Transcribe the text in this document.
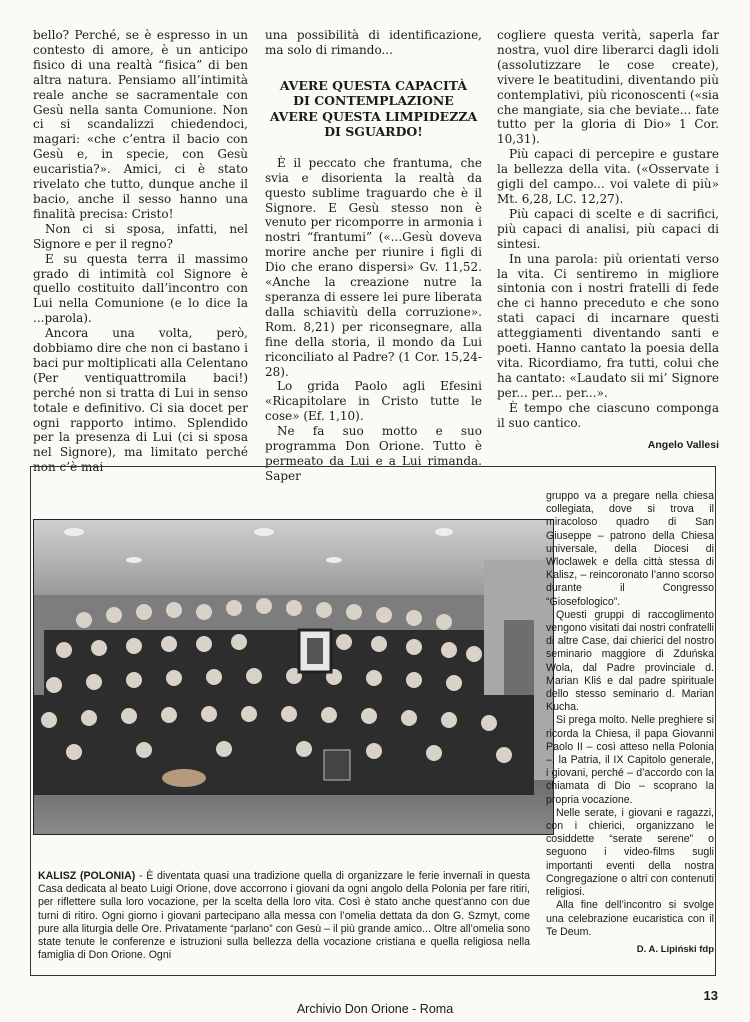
bello? Perché, se è espresso in un contesto di amore, è un anticipo fisico di una realtà “fisica” di ben altra natura. Pensiamo all’intimità reale anche se sacramentale con Gesù nella santa Comunione. Non ci si scandalizzi chiedendoci, magari: «che c’entra il bacio con Gesù e, in specie, con Gesù eucaristia?». Amici, ci è stato rivelato che tutto, dunque anche il bacio, anche il sesso hanno una finalità precisa: Cristo!

Non ci si sposa, infatti, nel Signore e per il regno?

E su questa terra il massimo grado di intimità col Signore è quello costituito dall’incontro con Lui nella Comunione (e lo dice la ...parola).

Ancora una volta, però, dobbiamo dire che non ci bastano i baci pur moltiplicati alla Celentano (Per ventiquattromila baci!) perché non si tratta di Lui in senso totale e definitivo. Ci sia docet per ogni rapporto intimo. Splendido per la presenza di Lui (ci si sposa nel Signore), ma limitato perché non c’è mai

una possibilità di identificazione, ma solo di rimando...

AVERE QUESTA CAPACITÀ
DI CONTEMPLAZIONE
AVERE QUESTA LIMPIDEZZA
DI SGUARDO!

È il peccato che frantuma, che svia e disorienta la realtà da questo sublime traguardo che è il Signore. E Gesù stesso non è venuto per ricomporre in armonia i nostri “frantumi” («...Gesù doveva morire anche per riunire i figli di Dio che erano dispersi» Gv. 11,52. «Anche la creazione nutre la speranza di essere lei pure liberata dalla schiavitù della corruzione». Rom. 8,21) per riconsegnare, alla fine della storia, il mondo da Lui riconciliato al Padre? (1 Cor. 15,24-28).

Lo grida Paolo agli Efesini «Ricapitolare in Cristo tutte le cose» (Ef. 1,10).

Ne fa suo motto e suo programma Don Orione. Tutto è permeato da Lui e a Lui rimanda. Saper

cogliere questa verità, saperla far nostra, vuol dire liberarci dagli idoli (assolutizzare le cose create), vivere le beatitudini, diventando più contemplativi, più riconoscenti («sia che mangiate, sia che beviate... fate tutto per la gloria di Dio» 1 Cor. 10,31).

Più capaci di percepire e gustare la bellezza della vita. («Osservate i gigli del campo... voi valete di più» Mt. 6,28, LC. 12,27).

Più capaci di scelte e di sacrifici, più capaci di analisi, più capaci di sintesi.

In una parola: più orientati verso la vita. Ci sentiremo in migliore sintonia con i nostri fratelli di fede che ci hanno preceduto e che sono stati capaci di incarnare questi atteggiamenti diventando santi e poeti. Hanno cantato la poesia della vita. Ricordiamo, fra tutti, colui che ha cantato: «Laudato sii mi’ Signore per... per... per...».

È tempo che ciascuno componga il suo cantico.

Angelo Vallesi

gruppo va a pregare nella chiesa collegiata, dove si trova il miracoloso quadro di San Giuseppe – patrono della Chiesa universale, della Diocesi di Wloclawek e della città stessa di Kalisz, – reincoronato l’anno scorso durante il Congresso “Giosefologico”.

Questi gruppi di raccoglimento vengono visitati dai nostri confratelli di altre Case, dai chierici del nostro seminario maggiore di Zduńska Wola, dal Padre provinciale d. Marian Kliś e dal padre spirituale dello stesso seminario d. Marian Kucha.

Si prega molto. Nelle preghiere si ricorda la Chiesa, il papa Giovanni Paolo II – così atteso nella Polonia –, la Patria, il IX Capitolo generale, i giovani, perché – d’accordo con la chiamata di Dio – scoprano la propria vocazione.

Nelle serate, i giovani e ragazzi, con i chierici, organizzano le cosiddette “serate serene” o seguono i video-films sugli importanti eventi della nostra Congregazione o altri con contenuti religiosi.

Alla fine dell’incontro si svolge una celebrazione eucaristica con il Te Deum.

D. A. Lipiński fdp

KALISZ (POLONIA) - È diventata quasi una tradizione quella di organizzare le ferie invernali in questa Casa dedicata al beato Luigi Orione, dove accorrono i giovani da ogni angolo della Polonia per fare ritiri, per riflettere sulla loro vocazione, per la scelta della loro vita. Così è stato anche quest’anno con due turni di ritiro. Ogni giorno i giovani partecipano alla messa con l’omelia dettata da don G. Szmyt, come pure alla liturgia delle Ore. Privatamente “parlano” con Gesù – il più grande amico... Oltre all’omelia sono state tenute le conferenze e istruzioni sulla bellezza della vocazione cristiana e quella religiosa nella famiglia di Don Orione. Ogni
13
Archivio Don Orione - Roma
